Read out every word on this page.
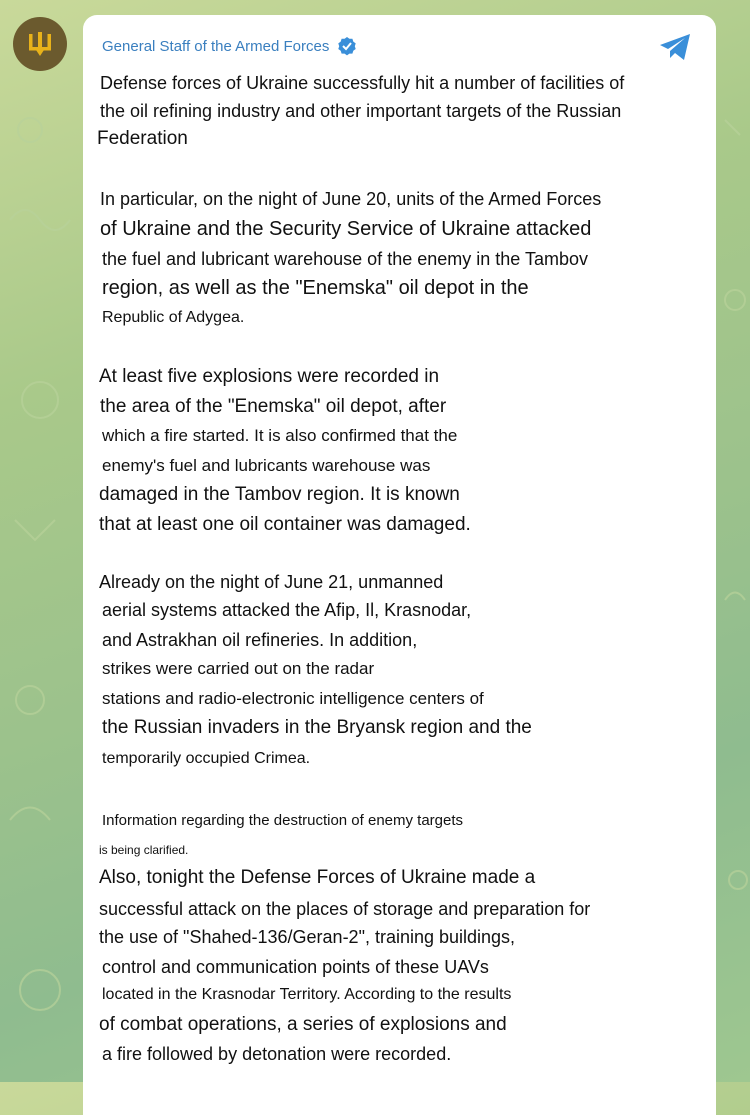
General Staff of the Armed Forces
Defense forces of Ukraine successfully hit a number of facilities of
the oil refining industry and other important targets of the Russian
Federation
In particular, on the night of June 20, units of the Armed Forces
of Ukraine and the Security Service of Ukraine attacked
the fuel and lubricant warehouse of the enemy in the Tambov
region, as well as the "Enemska" oil depot in the
Republic of Adygea.
At least five explosions were recorded in
the area of the "Enemska" oil depot, after
which a fire started. It is also confirmed that the
enemy's fuel and lubricants warehouse was
damaged in the Tambov region. It is known
that at least one oil container was damaged.
Already on the night of June 21, unmanned
aerial systems attacked the Afip, Il, Krasnodar,
and Astrakhan oil refineries. In addition,
strikes were carried out on the radar
stations and radio-electronic intelligence centers of
the Russian invaders in the Bryansk region and the
temporarily occupied Crimea.
Information regarding the destruction of enemy targets
is being clarified.
Also, tonight the Defense Forces of Ukraine made a
successful attack on the places of storage and preparation for
the use of "Shahed-136/Geran-2", training buildings,
control and communication points of these UAVs
located in the Krasnodar Territory. According to the results
of combat operations, a series of explosions and
a fire followed by detonation were recorded.
